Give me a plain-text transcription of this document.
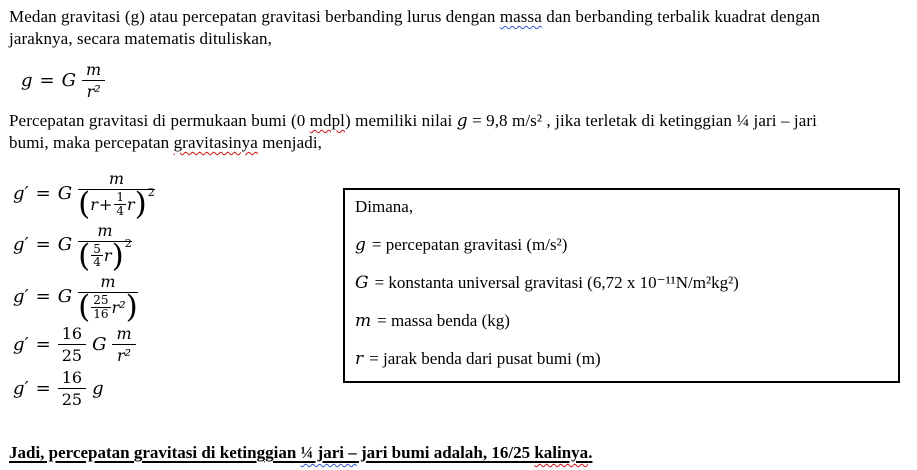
Medan gravitasi (g) atau percepatan gravitasi berbanding lurus dengan massa dan berbanding terbalik kuadrat dengan
jaraknya, secara matematis dituliskan,
g = G $\frac{m}{\text{r²}}$
Percepatan gravitasi di permukaan bumi (0 mdpl) memiliki nilai g = 9,8 m/s² , jika terletak di ketinggian ¼ jari – jari
bumi, maka percepatan gravitasinya menjadi,
g′ = G
m
( $r + \frac{1}{4}$ r ) 2
g′ = G
m
( $\frac{5}{4}$ r ) 2
g′ = G
m
( $\frac{25}{16} r^2$ )
$g' = \frac{16}{25}$ G $\frac{m}{\text{r²}}$
$g' = \frac{16}{25}$ g
Dimana,
g = percepatan gravitasi (m/s²)
G = konstanta universal gravitasi (6,72 x 10⁻¹¹N/m²kg²)
m = massa benda (kg)
r = jarak benda dari pusat bumi (m)
Jadi, percepatan gravitasi di ketinggian ¼ jari – jari bumi adalah, 16/25 kalinya.
